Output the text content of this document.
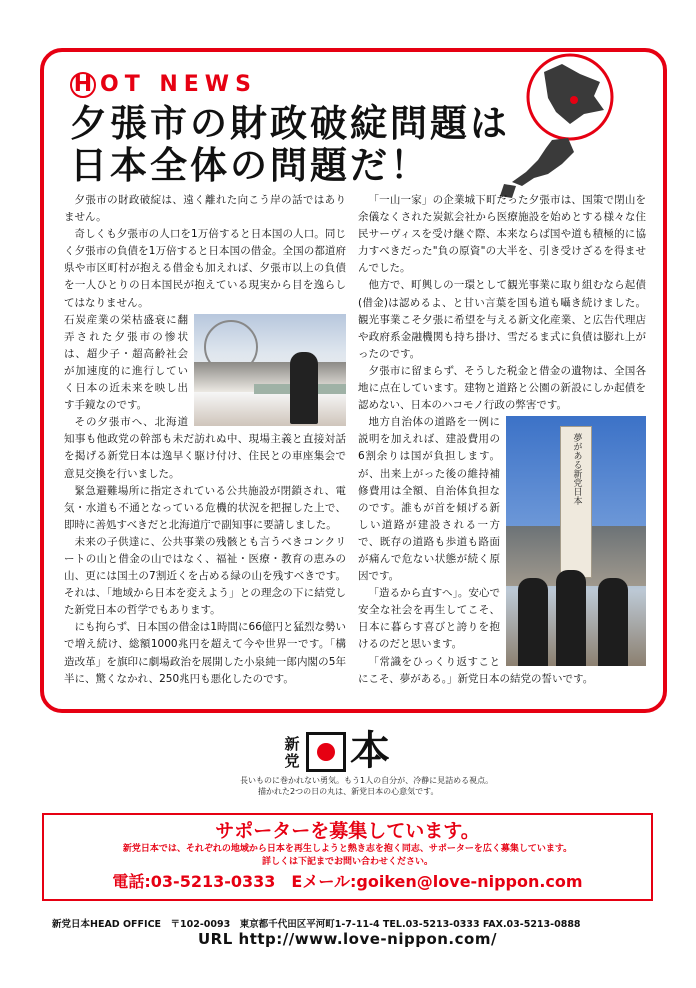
H OT NEWS
夕張市の財政破綻問題は
日本全体の問題だ！

夕張市の財政破綻は、遠く離れた向こう岸の話ではありません。

奇しくも夕張市の人口を1万倍すると日本国の人口。同じく夕張市の負債を1万倍すると日本国の借金。全国の都道府県や市区町村が抱える借金も加えれば、夕張市以上の負債を一人ひとりの日本国民が抱えている現実から目を逸らしてはなりません。

石炭産業の栄枯盛衰に翻弄された夕張市の惨状は、超少子・超高齢社会が加速度的に進行していく日本の近未来を映し出す手鏡なのです。

その夕張市へ、北海道知事も他政党の幹部も未だ訪れぬ中、現場主義と直接対話を掲げる新党日本は逸早く駆け付け、住民との車座集会で意見交換を行いました。

緊急避難場所に指定されている公共施設が閉鎖され、電気・水道も不通となっている危機的状況を把握した上で、即時に善処すべきだと北海道庁で副知事に要請しました。

未来の子供達に、公共事業の残骸とも言うべきコンクリートの山と借金の山ではなく、福祉・医療・教育の恵みの山、更には国土の7割近くを占める緑の山を残すべきです。それは、「地域から日本を変えよう」との理念の下に結党した新党日本の哲学でもあります。

にも拘らず、日本国の借金は1時間に66億円と猛烈な勢いで増え続け、総額1000兆円を超えて今や世界一です。「構造改革」を旗印に劇場政治を展開した小泉純一郎内閣の5年半に、驚くなかれ、250兆円も悪化したのです。

「一山一家」の企業城下町だった夕張市は、国策で閉山を余儀なくされた炭鉱会社から医療施設を始めとする様々な住民サーヴィスを受け継ぐ際、本来ならば国や道も積極的に協力すべきだった"負の原資"の大半を、引き受けざるを得ませんでした。

他方で、町興しの一環として観光事業に取り組むなら起債(借金)は認めるよ、と甘い言葉を国も道も囁き続けました。観光事業こそ夕張に希望を与える新文化産業、と広告代理店や政府系金融機関も持ち掛け、雪だるま式に負債は膨れ上がったのです。

夕張市に留まらず、そうした税金と借金の遺物は、全国各地に点在しています。建物と道路と公園の新設にしか起債を認めない、日本のハコモノ行政の弊害です。

夢がある新党日本

地方自治体の道路を一例に説明を加えれば、建設費用の6割余りは国が負担します。が、出来上がった後の維持補修費用は全額、自治体負担なのです。誰もが首を傾げる新しい道路が建設される一方で、既存の道路も歩道も路面が痛んで危ない状態が続く原因です。

「造るから直すへ」。安心で安全な社会を再生してこそ、日本に暮らす喜びと誇りを抱けるのだと思います。

「常識をひっくり返すことにこそ、夢がある。」新党日本の結党の誓いです。

新党 本
長いものに巻かれない勇気。もう1人の自分が、冷静に見詰める視点。
描かれた2つの日の丸は、新党日本の心意気です。
サポーターを募集しています。
新党日本では、それぞれの地域から日本を再生しようと熱き志を抱く同志、サポーターを広く募集しています。
詳しくは下記までお問い合わせください。
電話:03-5213-0333　Eメール:goiken@love-nippon.com
新党日本HEAD OFFICE　〒102-0093　東京都千代田区平河町1-7-11-4 TEL.03-5213-0333 FAX.03-5213-0888
URL http://www.love-nippon.com/
